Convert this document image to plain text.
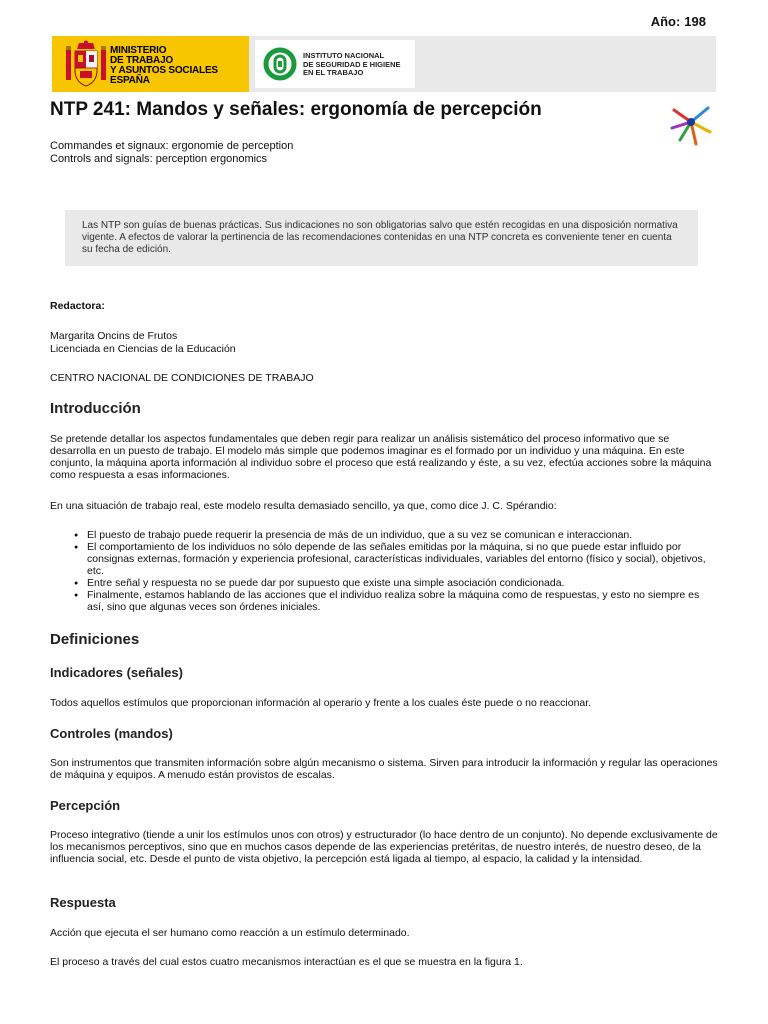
Año: 198
MINISTERIO
DE TRABAJO
Y ASUNTOS SOCIALES
ESPAÑA
INSTITUTO NACIONAL
DE SEGURIDAD E HIGIENE
EN EL TRABAJO
NTP 241: Mandos y señales: ergonomía de percepción
Commandes et signaux: ergonomie de perception
Controls and signals: perception ergonomics
Las NTP son guías de buenas prácticas. Sus indicaciones no son obligatorias salvo que estén recogidas en una disposición normativa vigente. A efectos de valorar la pertinencia de las recomendaciones contenidas en una NTP concreta es conveniente tener en cuenta su fecha de edición.
Redactora:
Margarita Oncins de Frutos
Licenciada en Ciencias de la Educación
CENTRO NACIONAL DE CONDICIONES DE TRABAJO
Introducción
Se pretende detallar los aspectos fundamentales que deben regir para realizar un análisis sistemático del proceso informativo que se desarrolla en un puesto de trabajo. El modelo más simple que podemos imaginar es el formado por un individuo y una máquina. En este conjunto, la máquina aporta información al individuo sobre el proceso que está realizando y éste, a su vez, efectúa acciones sobre la máquina como respuesta a esas informaciones.
En una situación de trabajo real, este modelo resulta demasiado sencillo, ya que, como dice J. C. Spérandio:
● El puesto de trabajo puede requerir la presencia de más de un individuo, que a su vez se comunican e interaccionan.
● El comportamiento de los individuos no sólo depende de las señales emitidas por la máquina, si no que puede estar influido por consignas externas, formación y experiencia profesional, características individuales, variables del entorno (físico y social), objetivos, etc.
● Entre señal y respuesta no se puede dar por supuesto que existe una simple asociación condicionada.
● Finalmente, estamos hablando de las acciones que el individuo realiza sobre la máquina como de respuestas, y esto no siempre es así, sino que algunas veces son órdenes iniciales.
Definiciones
Indicadores (señales)
Todos aquellos estímulos que proporcionan información al operario y frente a los cuales éste puede o no reaccionar.
Controles (mandos)
Son instrumentos que transmiten información sobre algún mecanismo o sistema. Sirven para introducir la información y regular las operaciones de máquina y equipos. A menudo están provistos de escalas.
Percepción
Proceso integrativo (tiende a unir los estímulos unos con otros) y estructurador (lo hace dentro de un conjunto). No depende exclusivamente de los mecanismos perceptivos, sino que en muchos casos depende de las experiencias pretéritas, de nuestro interés, de nuestro deseo, de la influencia social, etc. Desde el punto de vista objetivo, la percepción está ligada al tiempo, al espacio, la calidad y la intensidad.
Respuesta
Acción que ejecuta el ser humano como reacción a un estímulo determinado.
El proceso a través del cual estos cuatro mecanismos interactúan es el que se muestra en la figura 1.
